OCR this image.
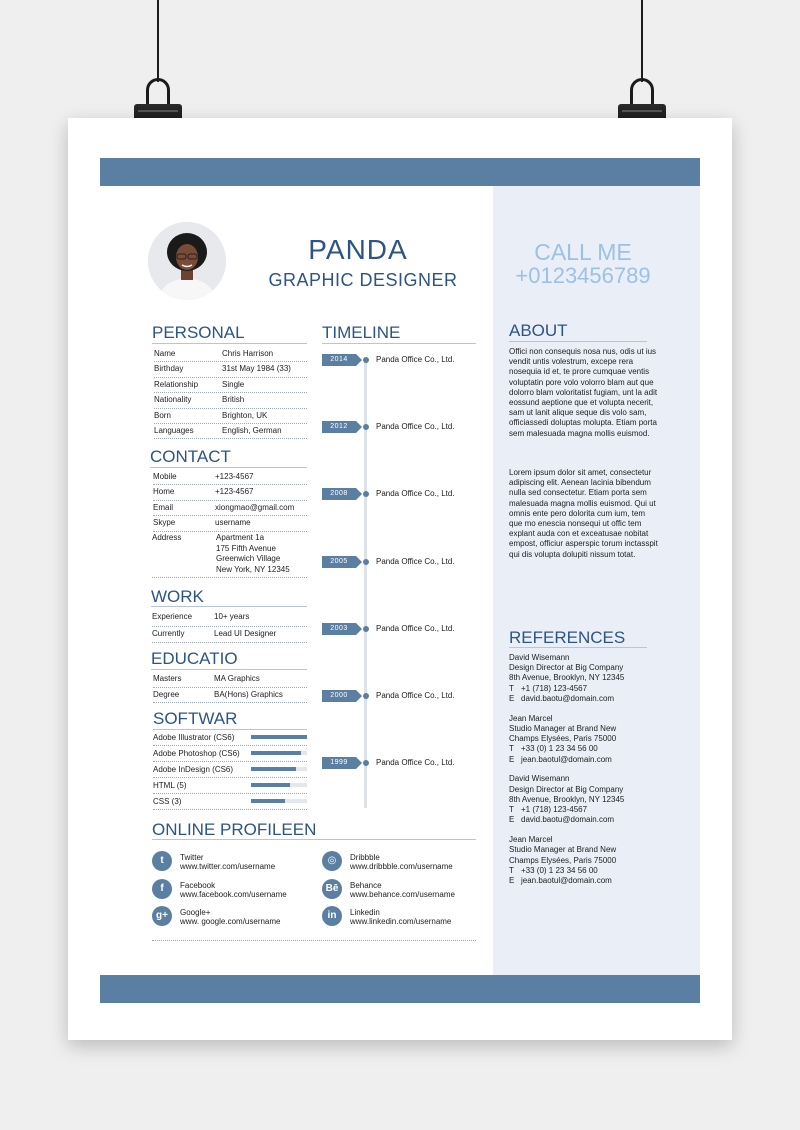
PANDA
GRAPHIC DESIGNER
CALL ME
+0123456789
PERSONAL
Name	Chris Harrison
Birthday	31st May 1984 (33)
Relationship	Single
Nationality	British
Born	Brighton, UK
Languages	English, German
CONTACT
Mobile	+123-4567
Home	+123-4567
Email	xiongmao@gmail.com
Skype	username
Address	Apartment 1a
175 Fifth Avenue
Greenwich Village
New York, NY 12345
WORK
Experience	10+ years
Currently	Lead UI Designer
EDUCATIO
Masters	MA Graphics
Degree	BA(Hons) Graphics
SOFTWAR
Adobe Illustrator (CS6)
Adobe Photoshop (CS6)
Adobe InDesign (CS6)
HTML (5)
CSS (3)
TIMELINE
2014	Panda Office Co., Ltd.
2012	Panda Office Co., Ltd.
2008	Panda Office Co., Ltd.
2005	Panda Office Co., Ltd.
2003	Panda Office Co., Ltd.
2000	Panda Office Co., Ltd.
1999	Panda Office Co., Ltd.
ABOUT
Offici non consequis nosa nus, odis ut ius vendit untis volestrum, excepe rera nosequia id et, te prore cumquae ventis voluptatin pore volo volorro blam aut que dolorro blam voloritatist fugiam, unt la adit eossund aeptione que et volupta necerit, sam ut lanit alique seque dis volo sam, officiassedi doluptas molupta. Etiam porta sem malesuada magna mollis euismod.
Lorem ipsum dolor sit amet, consectetur adipiscing elit. Aenean lacinia bibendum nulla sed consectetur. Etiam porta sem malesuada magna mollis euismod. Qui ut omnis ente pero dolorita cum ium, tem que mo enescia nonsequi ut offic tem explant auda con et exceatusae nobitat empost, officiur asperspic torum inctasspit qui dis volupta dolupiti nissum totat.
REFERENCES
David Wisemann
Design Director at Big Company
8th Avenue, Brooklyn, NY 12345
T +1 (718) 123-4567
E david.baotu@domain.com
Jean Marcel
Studio Manager at Brand New
Champs Elysées, Paris 75000
T +33 (0) 1 23 34 56 00
E jean.baotul@domain.com
David Wisemann
Design Director at Big Company
8th Avenue, Brooklyn, NY 12345
T +1 (718) 123-4567
E david.baotu@domain.com
Jean Marcel
Studio Manager at Brand New
Champs Elysées, Paris 75000
T +33 (0) 1 23 34 56 00
E jean.baotul@domain.com
ONLINE PROFILEEN
t	Twitter
www.twitter.com/username
f	Facebook
www.facebook.com/username
g+	Google+
www. google.com/username
◎	Dribbble
www.dribbble.com/username
Bē	Behance
www.behance.com/username
in	Linkedin
www.linkedin.com/username
